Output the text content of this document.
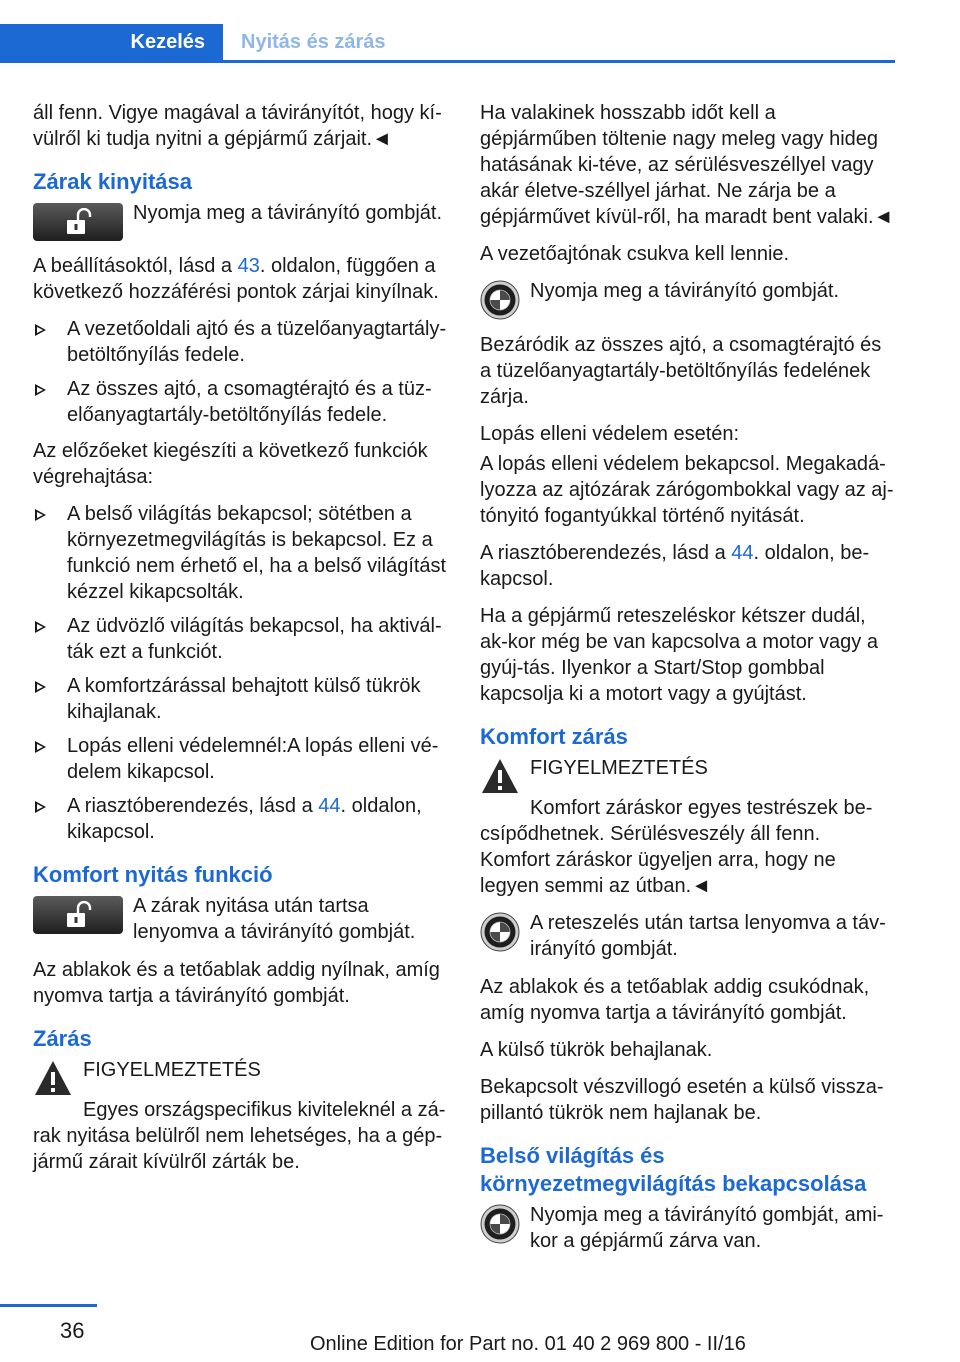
Kezelés	Nyitás és zárás

áll fenn. Vigye magával a távirányítót, hogy kí-vülről ki tudja nyitni a gépjármű zárjait.◄

Zárak kinyitása
Nyomja meg a távirányító gombját.

A beállításoktól, lásd a 43. oldalon, függően a következő hozzáférési pontok zárjai kinyílnak.

A vezetőoldali ajtó és a tüzelőanyagtartály-betöltőnyílás fedele.
Az összes ajtó, a csomagtérajtó és a tüz-előanyagtartály-betöltőnyílás fedele.

Az előzőeket kiegészíti a következő funkciók végrehajtása:

A belső világítás bekapcsol; sötétben a környezetmegvilágítás is bekapcsol. Ez a funkció nem érhető el, ha a belső világítást kézzel kikapcsolták.
Az üdvözlő világítás bekapcsol, ha aktivál-ták ezt a funkciót.
A komfortzárással behajtott külső tükrök kihajlanak.
Lopás elleni védelemnél:A lopás elleni vé-delem kikapcsol.
A riasztóberendezés, lásd a 44. oldalon, kikapcsol.
Komfort nyitás funkció
A zárak nyitása után tartsa lenyomva a távirányító gombját.

Az ablakok és a tetőablak addig nyílnak, amíg nyomva tartja a távirányító gombját.

Zárás
FIGYELMEZTETÉS

Egyes országspecifikus kiviteleknél a zá-rak nyitása belülről nem lehetséges, ha a gép-jármű zárait kívülről zárták be.

Ha valakinek hosszabb időt kell a gépjárműben töltenie nagy meleg vagy hideg hatásának ki-téve, az sérülésveszéllyel vagy akár életve-széllyel járhat. Ne zárja be a gépjárművet kívül-ről, ha maradt bent valaki.◄

A vezetőajtónak csukva kell lennie.

Nyomja meg a távirányító gombját.

Bezáródik az összes ajtó, a csomagtérajtó és a tüzelőanyagtartály-betöltőnyílás fedelének zárja.

Lopás elleni védelem esetén:

A lopás elleni védelem bekapcsol. Megakadá-lyozza az ajtózárak zárógombokkal vagy az aj-tónyitó fogantyúkkal történő nyitását.

A riasztóberendezés, lásd a 44. oldalon, be-kapcsol.

Ha a gépjármű reteszeléskor kétszer dudál, ak-kor még be van kapcsolva a motor vagy a gyúj-tás. Ilyenkor a Start/Stop gombbal kapcsolja ki a motort vagy a gyújtást.

Komfort zárás
FIGYELMEZTETÉS

Komfort záráskor egyes testrészek be-csípődhetnek. Sérülésveszély áll fenn. Komfort záráskor ügyeljen arra, hogy ne legyen semmi az útban.◄

A reteszelés után tartsa lenyomva a táv-irányító gombját.

Az ablakok és a tetőablak addig csukódnak, amíg nyomva tartja a távirányító gombját.

A külső tükrök behajlanak.

Bekapcsolt vészvillogó esetén a külső vissza-pillantó tükrök nem hajlanak be.

Belső világítás és környezetmegvilágítás bekapcsolása
Nyomja meg a távirányító gombját, ami-kor a gépjármű zárva van.
36
Online Edition for Part no. 01 40 2 969 800 - II/16
